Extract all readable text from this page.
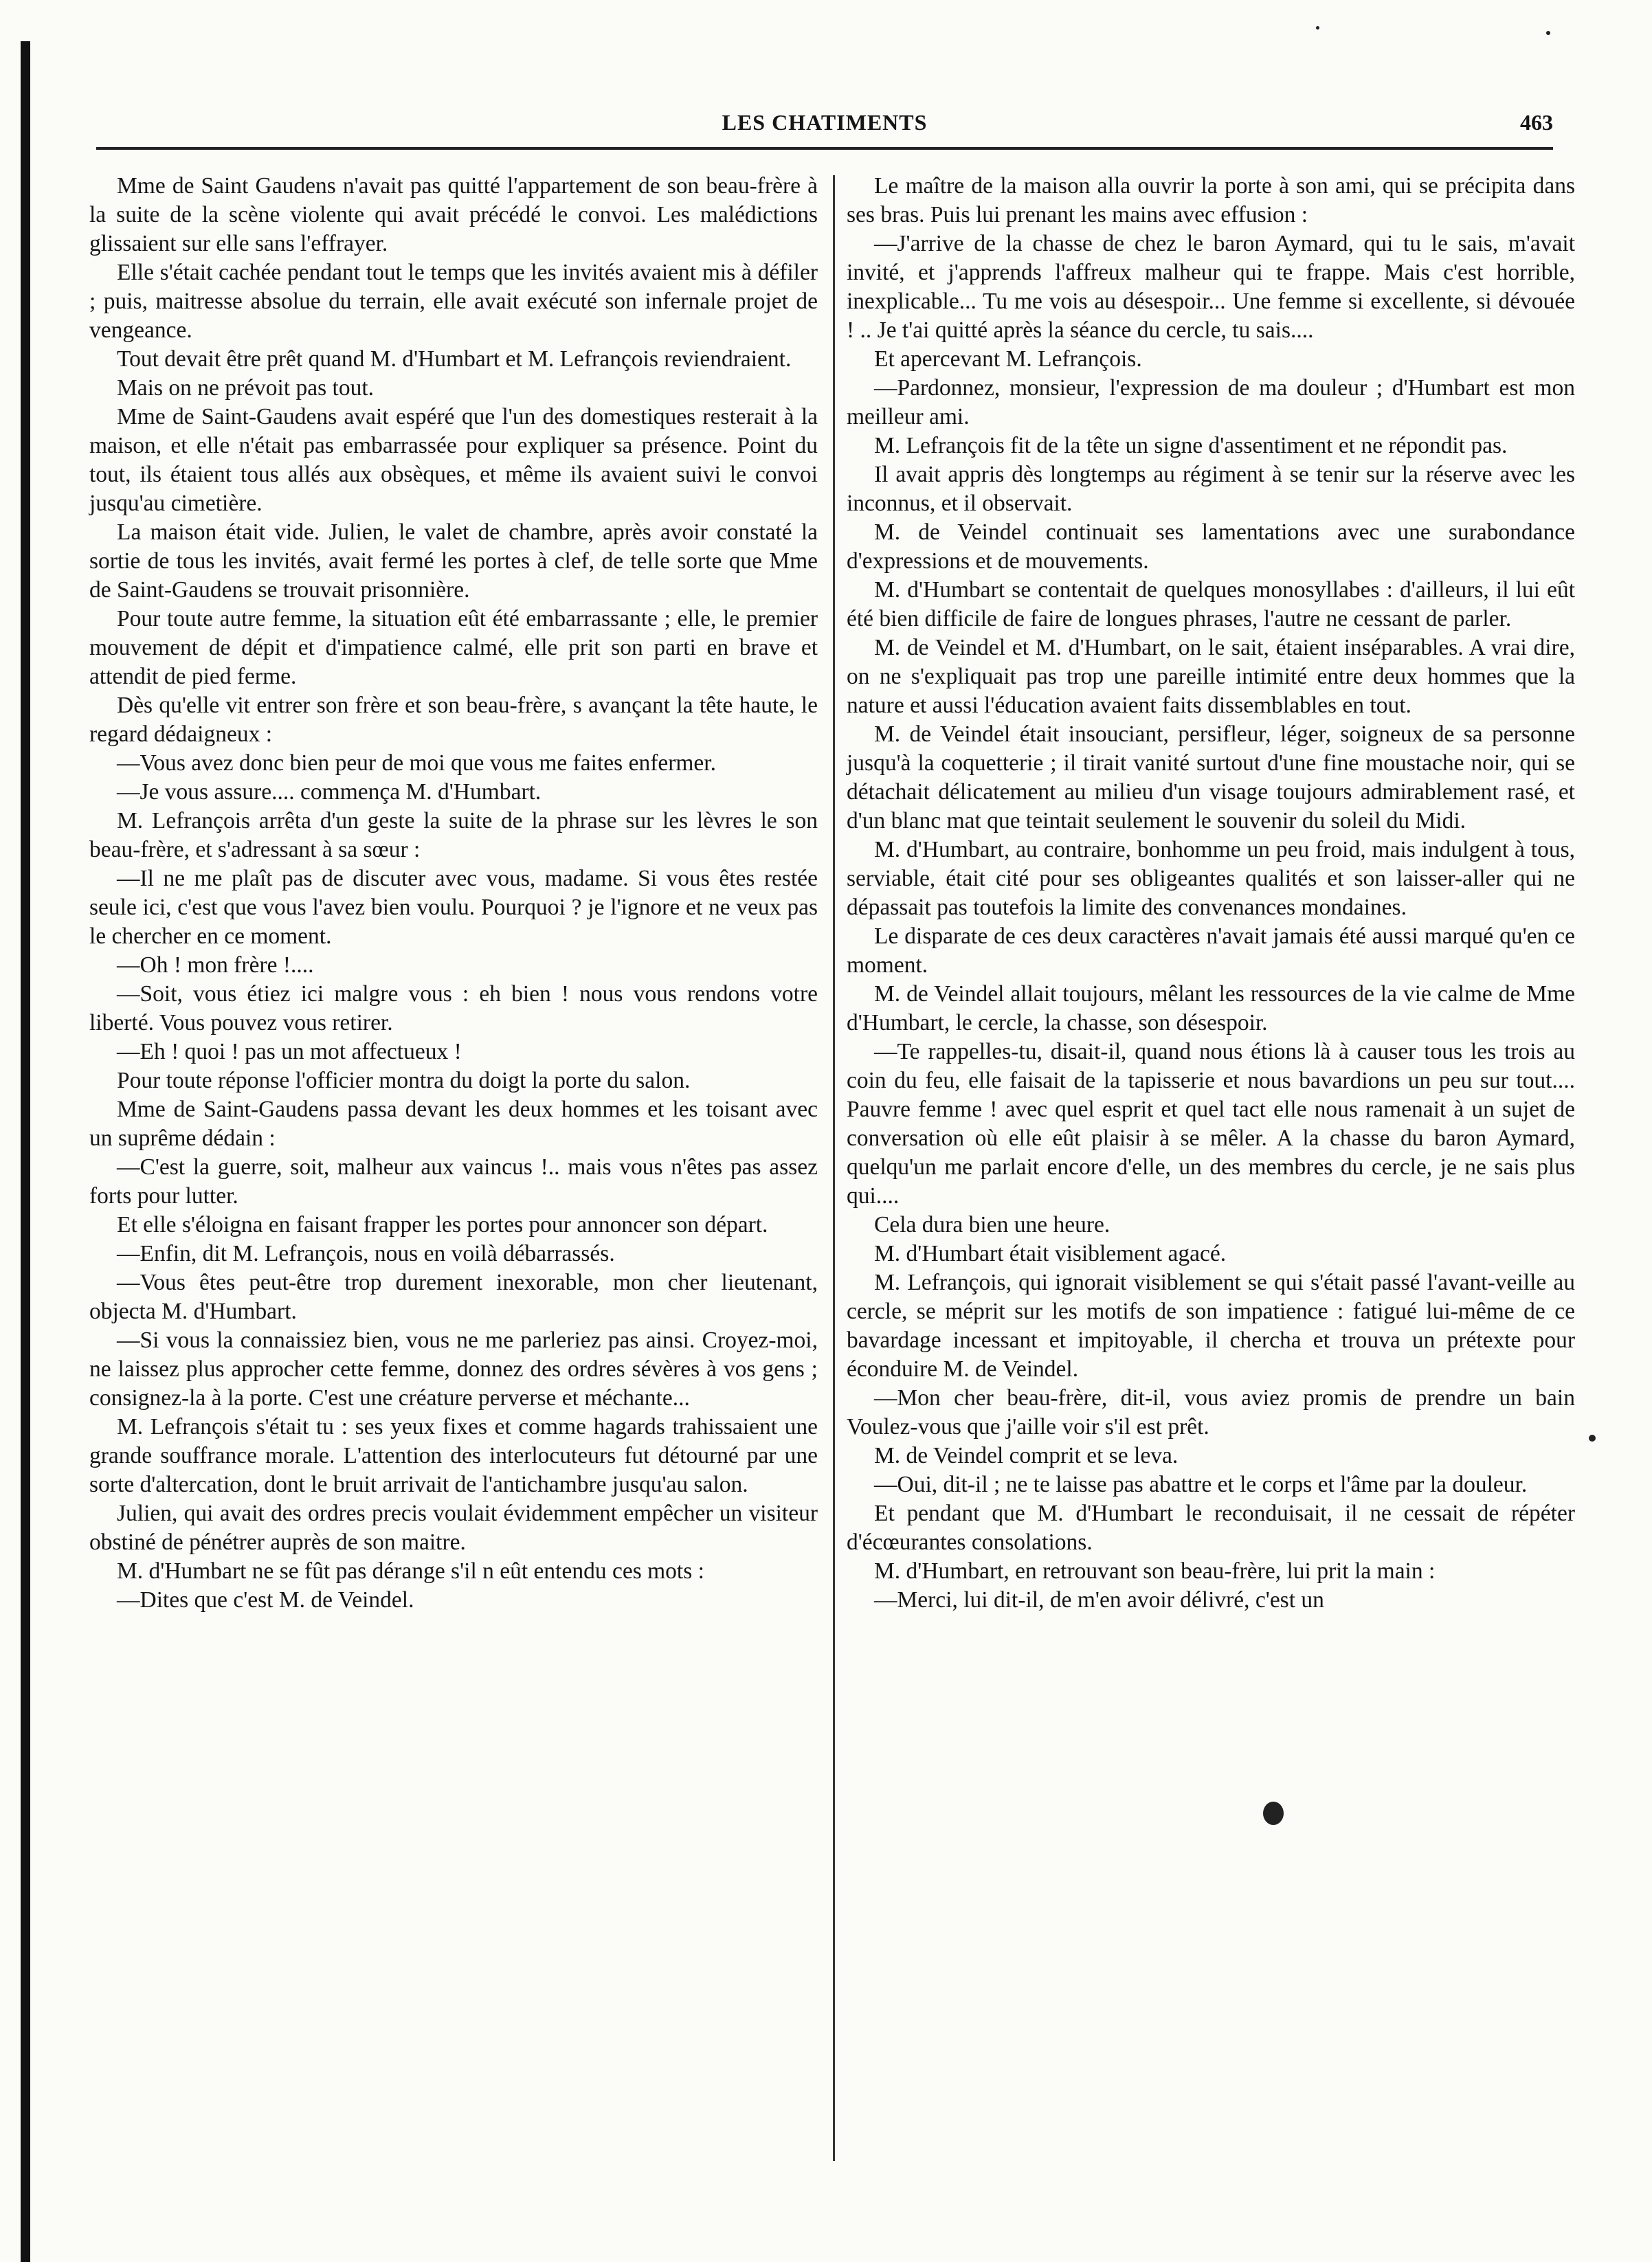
LES CHATIMENTS	463

Mme de Saint Gaudens n'avait pas quitté l'appartement de son beau-frère à la suite de la scène violente qui avait précédé le convoi. Les malédictions glissaient sur elle sans l'effrayer.

Elle s'était cachée pendant tout le temps que les invités avaient mis à défiler ; puis, maitresse absolue du terrain, elle avait exécuté son infernale projet de vengeance.

Tout devait être prêt quand M. d'Humbart et M. Lefrançois reviendraient.

Mais on ne prévoit pas tout.

Mme de Saint-Gaudens avait espéré que l'un des domestiques resterait à la maison, et elle n'était pas embarrassée pour expliquer sa présence. Point du tout, ils étaient tous allés aux obsèques, et même ils avaient suivi le convoi jusqu'au cimetière.

La maison était vide. Julien, le valet de chambre, après avoir constaté la sortie de tous les invités, avait fermé les portes à clef, de telle sorte que Mme de Saint-Gaudens se trouvait prisonnière.

Pour toute autre femme, la situation eût été embarrassante ; elle, le premier mouvement de dépit et d'impatience calmé, elle prit son parti en brave et attendit de pied ferme.

Dès qu'elle vit entrer son frère et son beau-frère, s avançant la tête haute, le regard dédaigneux :

—Vous avez donc bien peur de moi que vous me faites enfermer.

—Je vous assure.... commença M. d'Humbart.

M. Lefrançois arrêta d'un geste la suite de la phrase sur les lèvres le son beau-frère, et s'adressant à sa sœur :

—Il ne me plaît pas de discuter avec vous, madame. Si vous êtes restée seule ici, c'est que vous l'avez bien voulu. Pourquoi ? je l'ignore et ne veux pas le chercher en ce moment.

—Oh ! mon frère !....

—Soit, vous étiez ici malgre vous : eh bien ! nous vous rendons votre liberté. Vous pouvez vous retirer.

—Eh ! quoi ! pas un mot affectueux !

Pour toute réponse l'officier montra du doigt la porte du salon.

Mme de Saint-Gaudens passa devant les deux hommes et les toisant avec un suprême dédain :

—C'est la guerre, soit, malheur aux vaincus !.. mais vous n'êtes pas assez forts pour lutter.

Et elle s'éloigna en faisant frapper les portes pour annoncer son départ.

—Enfin, dit M. Lefrançois, nous en voilà débarrassés.

—Vous êtes peut-être trop durement inexorable, mon cher lieutenant, objecta M. d'Humbart.

—Si vous la connaissiez bien, vous ne me parleriez pas ainsi. Croyez-moi, ne laissez plus approcher cette femme, donnez des ordres sévères à vos gens ; consignez-la à la porte. C'est une créature perverse et méchante...

M. Lefrançois s'était tu : ses yeux fixes et comme hagards trahissaient une grande souffrance morale. L'attention des interlocuteurs fut détourné par une sorte d'altercation, dont le bruit arrivait de l'antichambre jusqu'au salon.

Julien, qui avait des ordres precis voulait évidemment empêcher un visiteur obstiné de pénétrer auprès de son maitre.

M. d'Humbart ne se fût pas dérange s'il n eût entendu ces mots :

—Dites que c'est M. de Veindel.

Le maître de la maison alla ouvrir la porte à son ami, qui se précipita dans ses bras. Puis lui prenant les mains avec effusion :

—J'arrive de la chasse de chez le baron Aymard, qui tu le sais, m'avait invité, et j'apprends l'affreux malheur qui te frappe. Mais c'est horrible, inexplicable... Tu me vois au désespoir... Une femme si excellente, si dévouée ! .. Je t'ai quitté après la séance du cercle, tu sais....

Et apercevant M. Lefrançois.

—Pardonnez, monsieur, l'expression de ma douleur ; d'Humbart est mon meilleur ami.

M. Lefrançois fit de la tête un signe d'assentiment et ne répondit pas.

Il avait appris dès longtemps au régiment à se tenir sur la réserve avec les inconnus, et il observait.

M. de Veindel continuait ses lamentations avec une surabondance d'expressions et de mouvements.

M. d'Humbart se contentait de quelques monosyllabes : d'ailleurs, il lui eût été bien difficile de faire de longues phrases, l'autre ne cessant de parler.

M. de Veindel et M. d'Humbart, on le sait, étaient inséparables. A vrai dire, on ne s'expliquait pas trop une pareille intimité entre deux hommes que la nature et aussi l'éducation avaient faits dissemblables en tout.

M. de Veindel était insouciant, persifleur, léger, soigneux de sa personne jusqu'à la coquetterie ; il tirait vanité surtout d'une fine moustache noir, qui se détachait délicatement au milieu d'un visage toujours admirablement rasé, et d'un blanc mat que teintait seulement le souvenir du soleil du Midi.

M. d'Humbart, au contraire, bonhomme un peu froid, mais indulgent à tous, serviable, était cité pour ses obligeantes qualités et son laisser-aller qui ne dépassait pas toutefois la limite des convenances mondaines.

Le disparate de ces deux caractères n'avait jamais été aussi marqué qu'en ce moment.

M. de Veindel allait toujours, mêlant les ressources de la vie calme de Mme d'Humbart, le cercle, la chasse, son désespoir.

—Te rappelles-tu, disait-il, quand nous étions là à causer tous les trois au coin du feu, elle faisait de la tapisserie et nous bavardions un peu sur tout.... Pauvre femme ! avec quel esprit et quel tact elle nous ramenait à un sujet de conversation où elle eût plaisir à se mêler. A la chasse du baron Aymard, quelqu'un me parlait encore d'elle, un des membres du cercle, je ne sais plus qui....

Cela dura bien une heure.

M. d'Humbart était visiblement agacé.

M. Lefrançois, qui ignorait visiblement se qui s'était passé l'avant-veille au cercle, se méprit sur les motifs de son impatience : fatigué lui-même de ce bavardage incessant et impitoyable, il chercha et trouva un prétexte pour éconduire M. de Veindel.

—Mon cher beau-frère, dit-il, vous aviez promis de prendre un bain Voulez-vous que j'aille voir s'il est prêt.

M. de Veindel comprit et se leva.

—Oui, dit-il ; ne te laisse pas abattre et le corps et l'âme par la douleur.

Et pendant que M. d'Humbart le reconduisait, il ne cessait de répéter d'écœurantes consolations.

M. d'Humbart, en retrouvant son beau-frère, lui prit la main :

—Merci, lui dit-il, de m'en avoir délivré, c'est un
